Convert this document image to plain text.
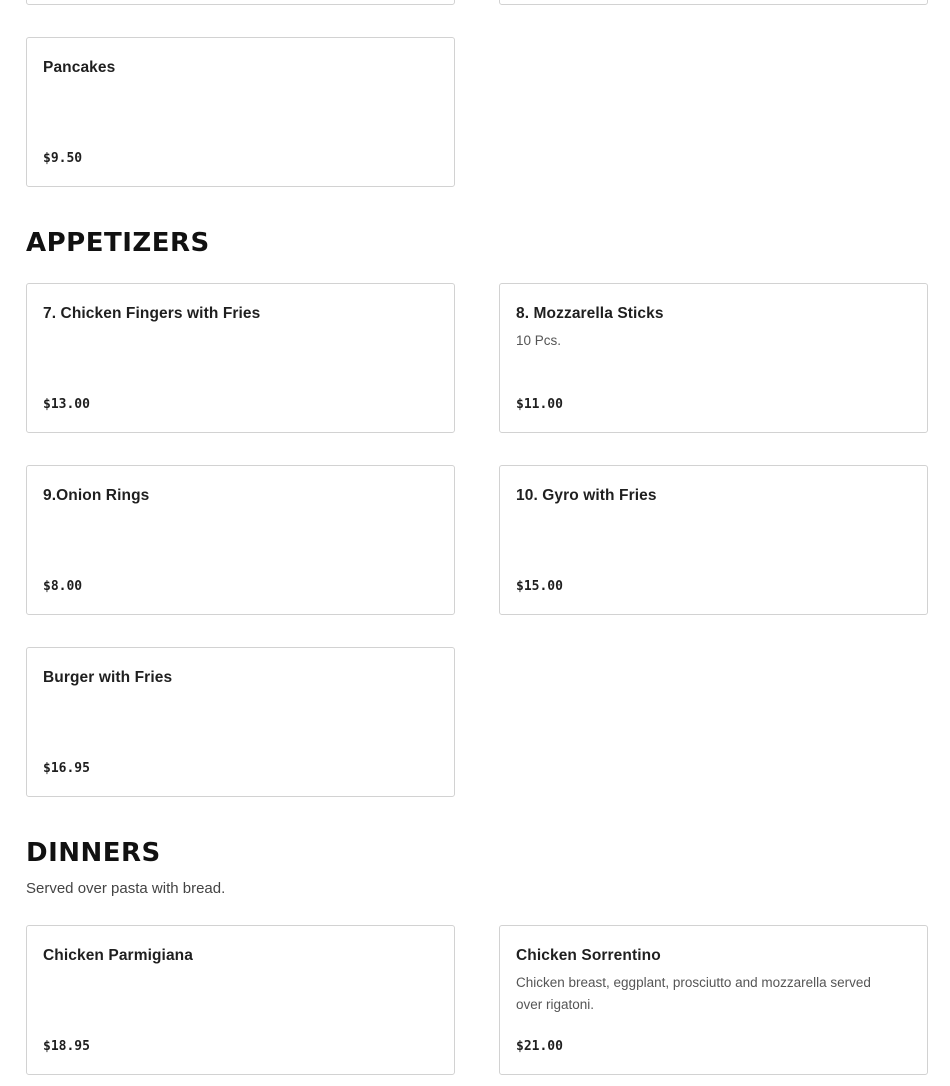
Pancakes
$9.50
APPETIZERS
7. Chicken Fingers with Fries
$13.00
8. Mozzarella Sticks
10 Pcs.
$11.00
9.Onion Rings
$8.00
10. Gyro with Fries
$15.00
Burger with Fries
$16.95
DINNERS
Served over pasta with bread.
Chicken Parmigiana
$18.95
Chicken Sorrentino
Chicken breast, eggplant, prosciutto and mozzarella served over rigatoni.
$21.00
